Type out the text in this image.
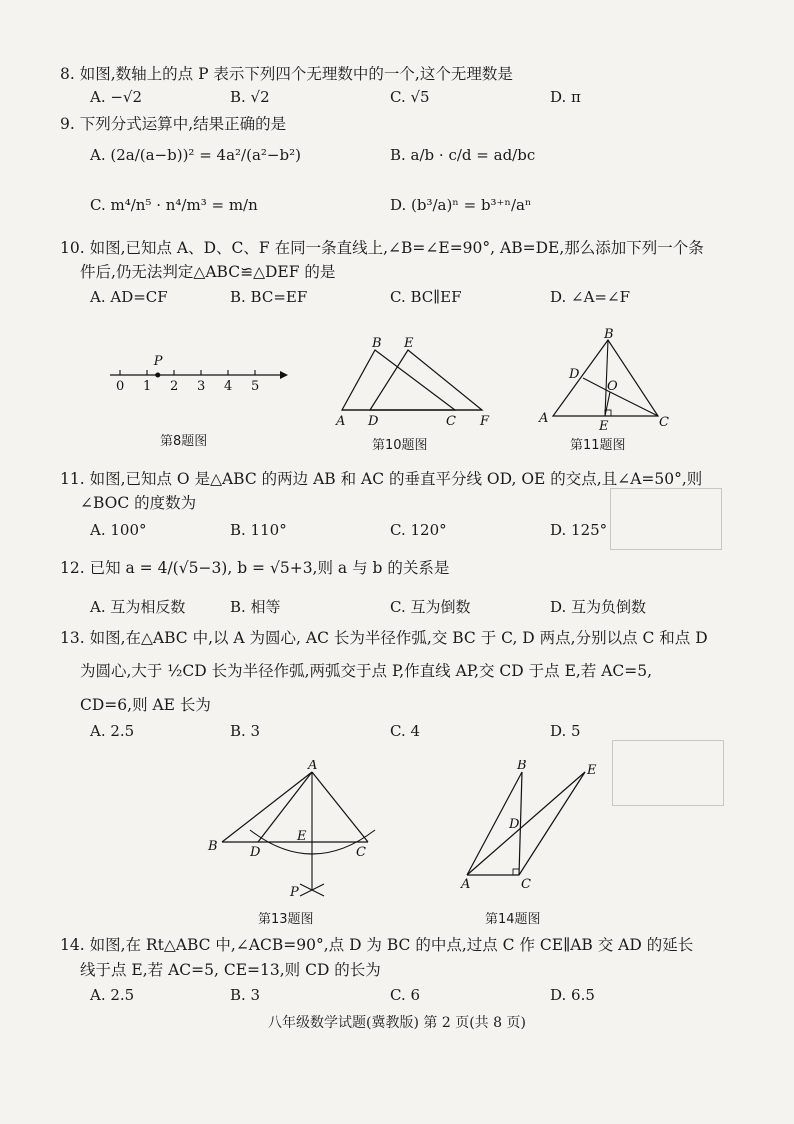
8. 如图,数轴上的点 P 表示下列四个无理数中的一个,这个无理数是
A. −√2	B. √2	C. √5	D. π
9. 下列分式运算中,结果正确的是
A. (2a/(a−b))² = 4a²/(a²−b²)	B. a/b · c/d = ad/bc
C. m⁴/n⁵ · n⁴/m³ = m/n	D. (b³/a)ⁿ = b³⁺ⁿ/aⁿ
10. 如图,已知点 A、D、C、F 在同一条直线上,∠B=∠E=90°, AB=DE,那么添加下列一个条
件后,仍无法判定△ABC≌△DEF 的是
A. AD=CF	B. BC=EF	C. BC∥EF	D. ∠A=∠F
0 1 2 3 4 5
P
第8题图
B E
A D	C F
第10题图
B
D
O
A
E	C
第11题图
11. 如图,已知点 O 是△ABC 的两边 AB 和 AC 的垂直平分线 OD, OE 的交点,且∠A=50°,则
∠BOC 的度数为
A. 100°	B. 110°	C. 120°	D. 125°
12. 已知 a = 4/(√5−3), b = √5+3,则 a 与 b 的关系是
A. 互为相反数	B. 相等	C. 互为倒数	D. 互为负倒数
13. 如图,在△ABC 中,以 A 为圆心, AC 长为半径作弧,交 BC 于 C, D 两点,分别以点 C 和点 D
为圆心,大于 ½CD 长为半径作弧,两弧交于点 P,作直线 AP,交 CD 于点 E,若 AC=5,
CD=6,则 AE 长为
A. 2.5	B. 3	C. 4	D. 5
A
B D
E
C
P
第13题图
B	E
D
A	C
第14题图
14. 如图,在 Rt△ABC 中,∠ACB=90°,点 D 为 BC 的中点,过点 C 作 CE∥AB 交 AD 的延长
线于点 E,若 AC=5, CE=13,则 CD 的长为
A. 2.5	B. 3	C. 6	D. 6.5
八年级数学试题(冀教版) 第 2 页(共 8 页)
